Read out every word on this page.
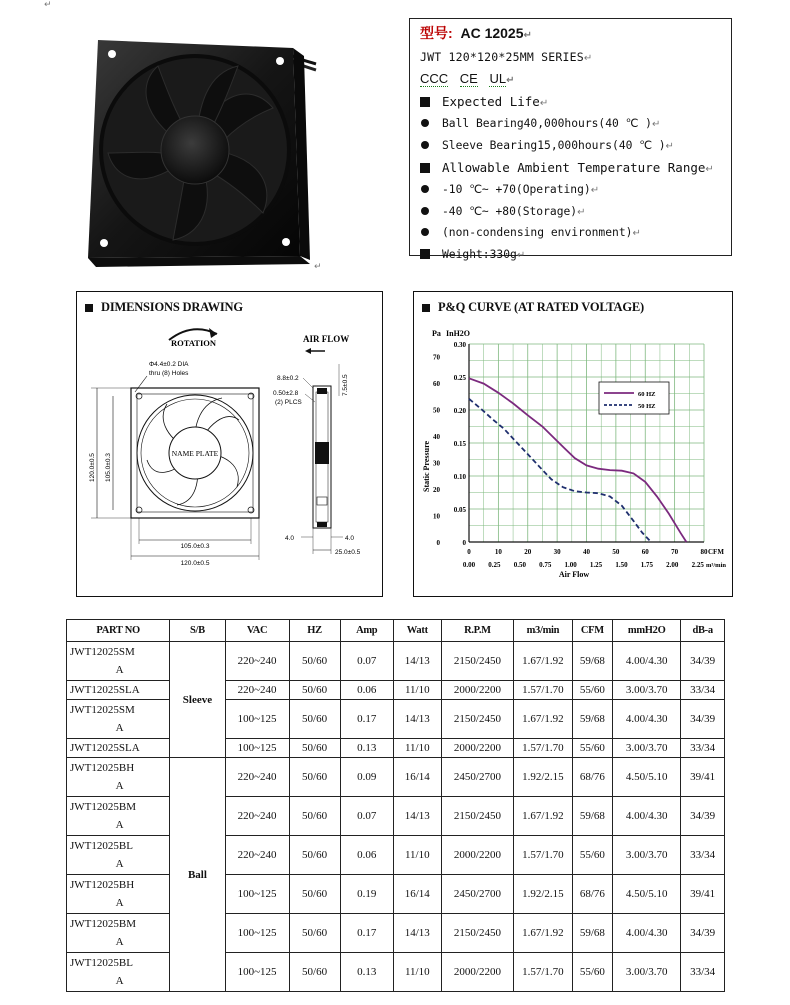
↵
↵
型号: AC 12025↵
JWT 120*120*25MM SERIES↵
CCC CE UL↵
Expected Life↵
Ball Bearing40,000hours(40 ℃ )↵
Sleeve Bearing15,000hours(40 ℃ )↵
Allowable Ambient Temperature Range↵
-10 ℃~ +70(Operating)↵
-40 ℃~ +80(Storage)↵
(non-condensing environment)↵
Weight:330g↵
DIMENSIONS DRAWING
ROTATION	AIR FLOW
Φ4.4±0.2 DIA
thru (8) Holes
NAME PLATE
120.0±0.5 105.0±0.3
105.0±0.3
120.0±0.5
8.8±0.2
0.50±2.8
(2) PLCS
7.5±0.5
4.0	4.0
25.0±0.5
P&Q CURVE (AT RATED VOLTAGE)
0.30
0.25
0.20
0.15
0.10
0.05
0
70
60
50
40
30
20
10
0
Pa InH2O
Static Pressure
0	10	20	30	40	50	60	70	80
0.00 0.25 0.50 0.75 1.00 1.25 1.50 1.75 2.00 2.25
CFM
m³/min
Air Flow
60 HZ
50 HZ
PART NO	S/B	VAC	HZ	Amp	Watt	R.P.M	m3/min	CFM	mmH2O	dB-a
JWT12025SM
A	Sleeve	220~240	50/60	0.07	14/13	2150/2450	1.67/1.92	59/68	4.00/4.30	34/39
JWT12025SLA		220~240	50/60	0.06	11/10	2000/2200	1.57/1.70	55/60	3.00/3.70	33/34
JWT12025SM
A		100~125	50/60	0.17	14/13	2150/2450	1.67/1.92	59/68	4.00/4.30	34/39
JWT12025SLA		100~125	50/60	0.13	11/10	2000/2200	1.57/1.70	55/60	3.00/3.70	33/34
JWT12025BH
A	Ball	220~240	50/60	0.09	16/14	2450/2700	1.92/2.15	68/76	4.50/5.10	39/41
JWT12025BM
A		220~240	50/60	0.07	14/13	2150/2450	1.67/1.92	59/68	4.00/4.30	34/39
JWT12025BL
A		220~240	50/60	0.06	11/10	2000/2200	1.57/1.70	55/60	3.00/3.70	33/34
JWT12025BH
A		100~125	50/60	0.19	16/14	2450/2700	1.92/2.15	68/76	4.50/5.10	39/41
JWT12025BM
A		100~125	50/60	0.17	14/13	2150/2450	1.67/1.92	59/68	4.00/4.30	34/39
JWT12025BL
A		100~125	50/60	0.13	11/10	2000/2200	1.57/1.70	55/60	3.00/3.70	33/34
